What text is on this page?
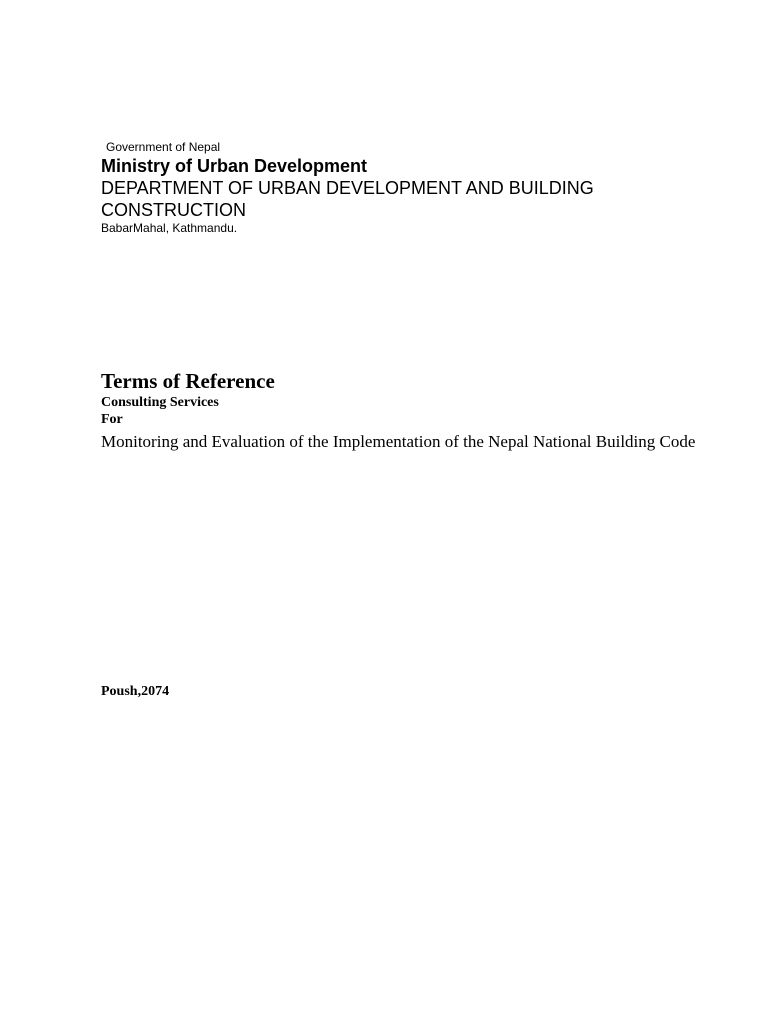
Government of Nepal

Ministry of Urban Development

DEPARTMENT OF URBAN DEVELOPMENT AND BUILDING CONSTRUCTION

BabarMahal, Kathmandu.

Terms of Reference

Consulting Services

For

Monitoring and Evaluation of the Implementation of the Nepal National Building Code

Poush,2074
